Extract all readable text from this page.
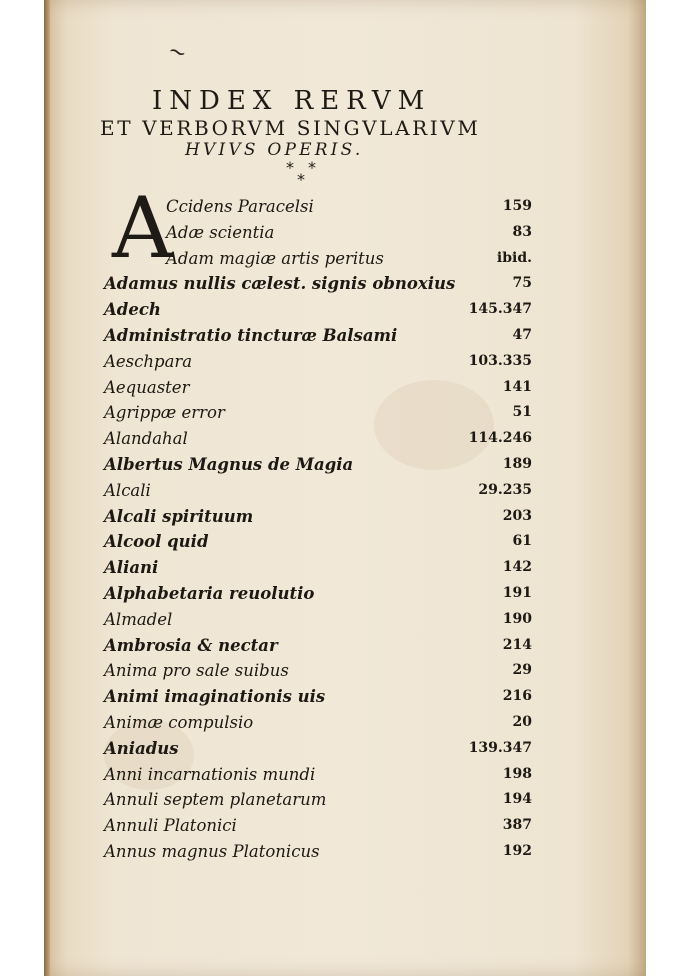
~
INDEX RERVM
ET VERBORVM SINGVLARIVM
HVIVS OPERIS.
* *
*
A
Ccidens Paracelsi	159
Adæ scientia	83
Adam magiæ artis peritus	ibid.
Adamus nullis cælest. signis obnoxius	75
Adech	145.347
Administratio tincturæ Balsami	47
Aeschpara	103.335
Aequaster	141
Agrippæ error	51
Alandahal	114.246
Albertus Magnus de Magia	189
Alcali	29.235
Alcali spirituum	203
Alcool quid	61
Aliani	142
Alphabetaria reuolutio	191
Almadel	190
Ambrosia & nectar	214
Anima pro sale suibus	29
Animi imaginationis uis	216
Animæ compulsio	20
Aniadus	139.347
Anni incarnationis mundi	198
Annuli septem planetarum	194
Annuli Platonici	387
Annus magnus Platonicus	192
